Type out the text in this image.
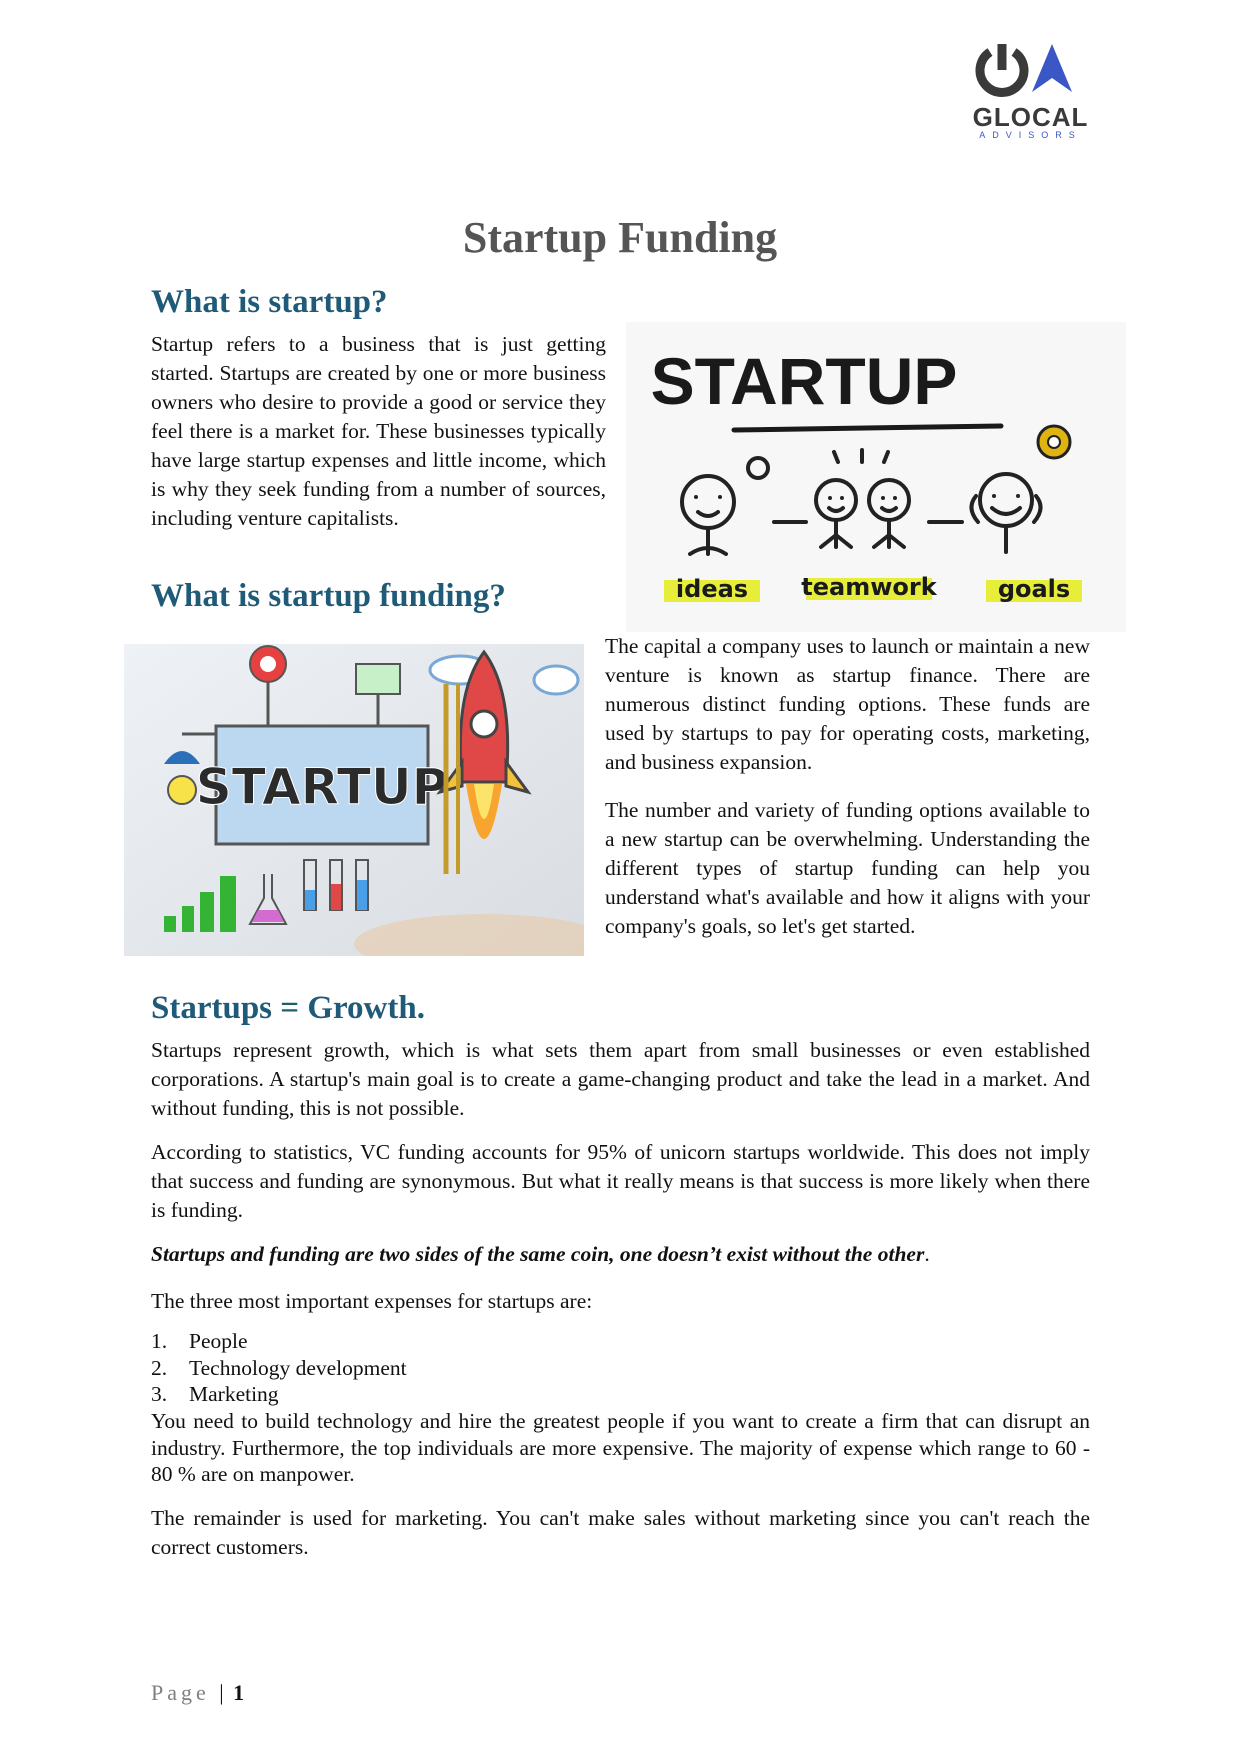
GLOCAL
ADVISORS
Startup Funding
What is startup?

Startup refers to a business that is just getting started. Startups are created by one or more business owners who desire to provide a good or service they feel there is a market for. These businesses typically have large startup expenses and little income, which is why they seek funding from a number of sources, including venture capitalists.

STARTUP
ideas teamwork	goals
What is startup funding?
STARTUP

The capital a company uses to launch or maintain a new venture is known as startup finance. There are numerous distinct funding options. These funds are used by startups to pay for operating costs, marketing, and business expansion.

The number and variety of funding options available to a new startup can be overwhelming. Understanding the different types of startup funding can help you understand what's available and how it aligns with your company's goals, so let's get started.

Startups = Growth.

Startups represent growth, which is what sets them apart from small businesses or even established corporations. A startup's main goal is to create a game-changing product and take the lead in a market. And without funding, this is not possible.

According to statistics, VC funding accounts for 95% of unicorn startups worldwide. This does not imply that success and funding are synonymous. But what it really means is that success is more likely when there is funding.

Startups and funding are two sides of the same coin, one doesn’t exist without the other.

The three most important expenses for startups are:

1.	People
2.	Technology development
3.	Marketing

You need to build technology and hire the greatest people if you want to create a firm that can disrupt an industry. Furthermore, the top individuals are more expensive. The majority of expense which range to 60 - 80 % are on manpower.

The remainder is used for marketing. You can't make sales without marketing since you can't reach the correct customers.

Page | 1
